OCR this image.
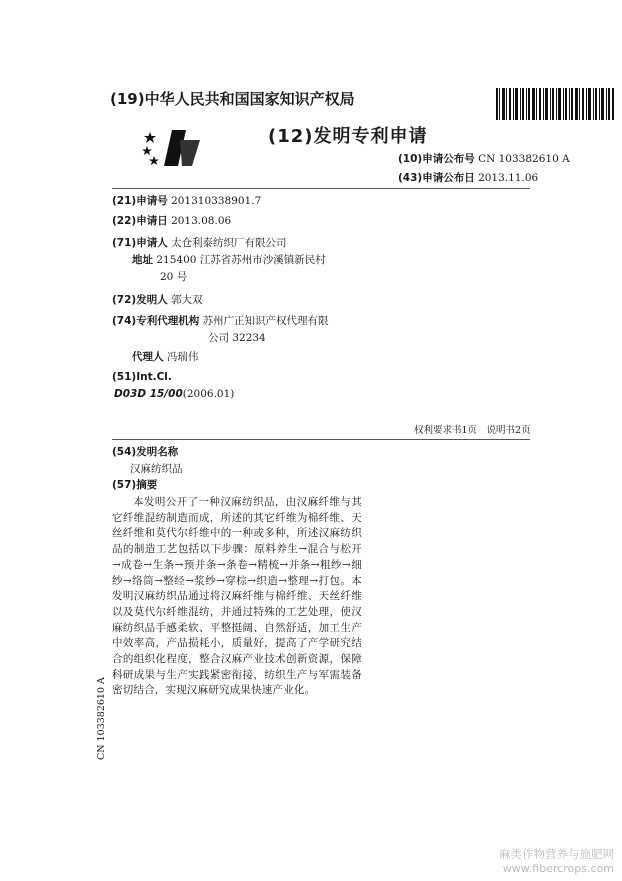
(19)中华人民共和国国家知识产权局
(12)发明专利申请
(10)申请公布号 CN 103382610 A
(43)申请公布日 2013.11.06
(21)申请号 201310338901.7
(22)申请日 2013.08.06
(71)申请人 太仓利泰纺织厂有限公司
地址 215400 江苏省苏州市沙溪镇新民村
20 号
(72)发明人 郭大双
(74)专利代理机构 苏州广正知识产权代理有限
公司 32234
代理人 冯瑞伟
(51)Int.Cl.
D03D 15/00(2006.01)
权利要求书1页　说明书2页
(54)发明名称
汉麻纺织品
(57)摘要
本发明公开了一种汉麻纺织品，由汉麻纤维与其它纤维混纺制造而成，所述的其它纤维为棉纤维、天丝纤维和莫代尔纤维中的一种或多种，所述汉麻纺织品的制造工艺包括以下步骤：原料养生→混合与松开→成卷→生条→预并条→条卷→精梳→并条→粗纱→细纱→络筒→整经→浆纱→穿棕→织造→整理→打包。本发明汉麻纺织品通过将汉麻纤维与棉纤维、天丝纤维以及莫代尔纤维混纺，并通过特殊的工艺处理，使汉麻纺织品手感柔软、平整挺阔、自然舒适，加工生产中效率高，产品损耗小，质量好，提高了产学研究结合的组织化程度，整合汉麻产业技术创新资源，保障科研成果与生产实践紧密衔接，纺织生产与军需装备密切结合，实现汉麻研究成果快速产业化。
CN 103382610 A
麻类作物营养与施肥网
www.fibercrops.com
